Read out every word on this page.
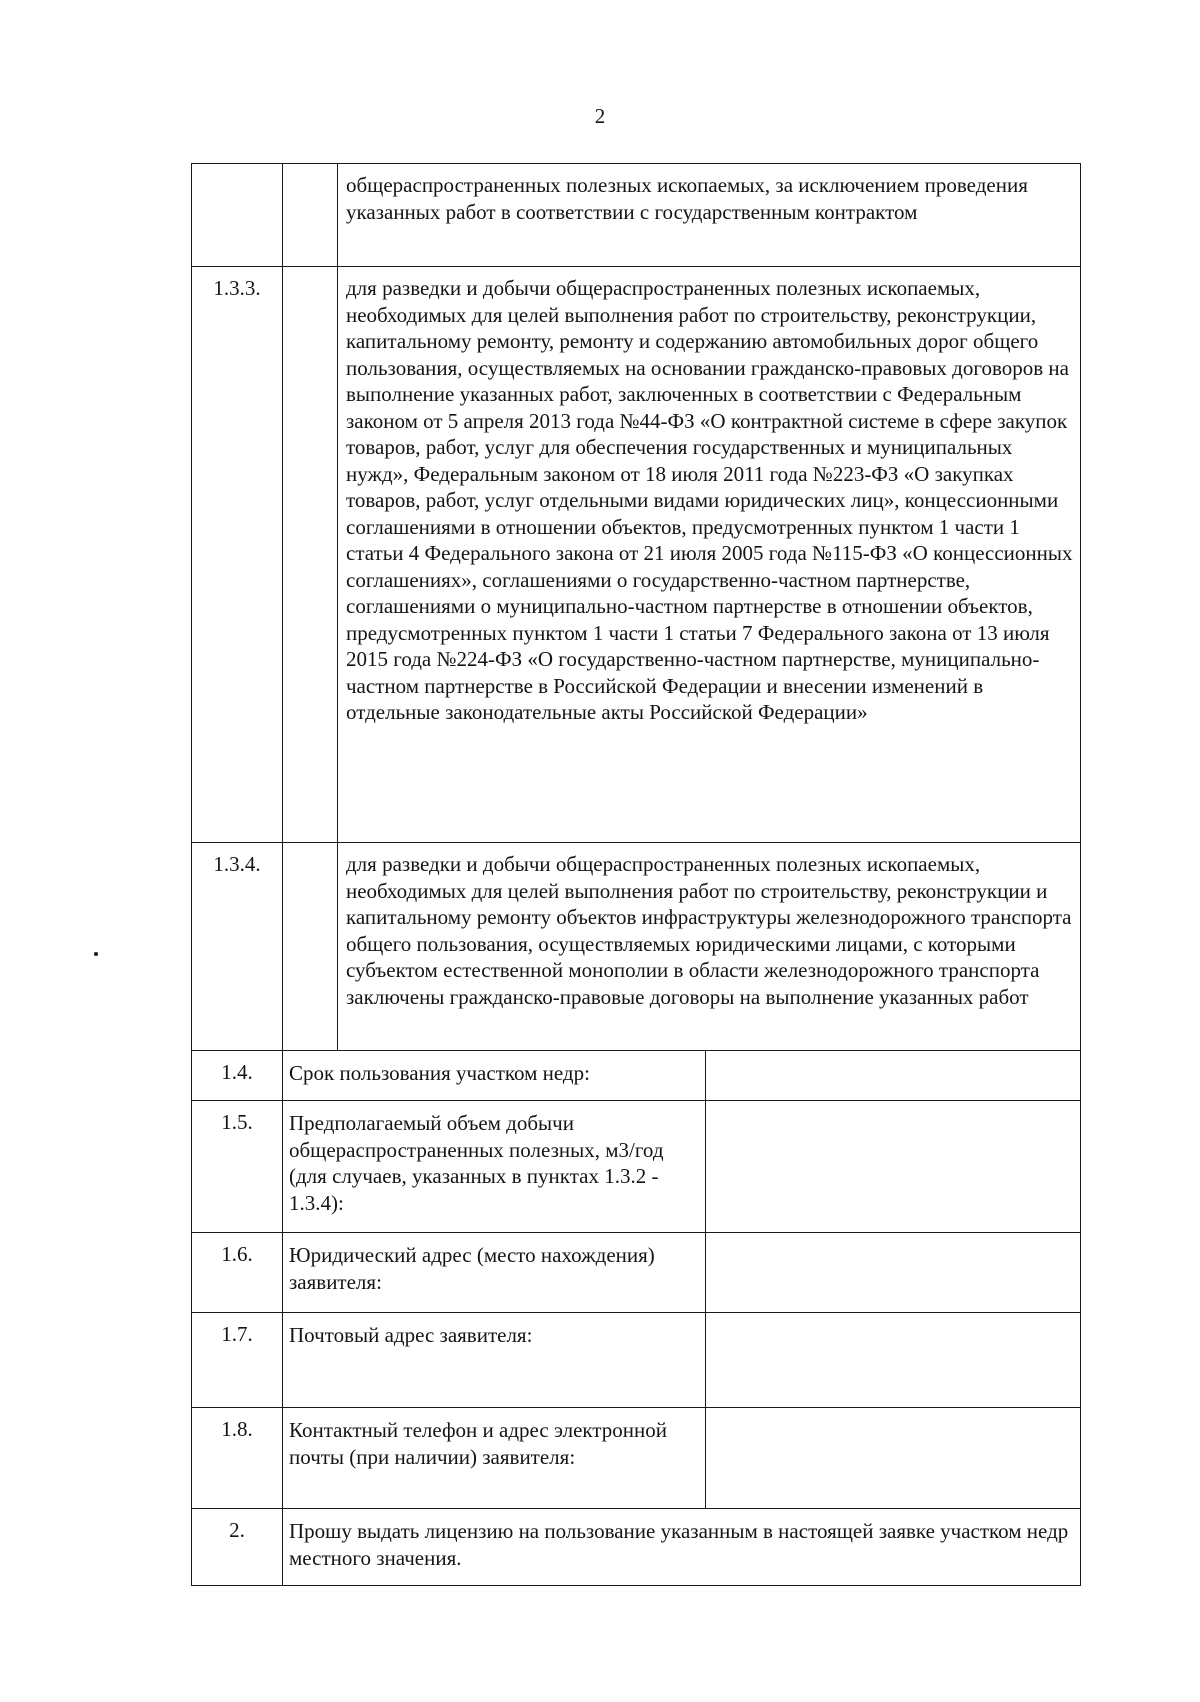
2
		общераспространенных полезных ископаемых, за исключением проведения указанных работ в соответствии с государственным контрактом	
1.3.3.		для разведки и добычи общераспространенных полезных ископаемых, необходимых для целей выполнения работ по строительству, реконструкции, капитальному ремонту, ремонту и содержанию автомобильных дорог общего пользования, осуществляемых на основании гражданско-правовых договоров на выполнение указанных работ, заключенных в соответствии с Федеральным законом от 5 апреля 2013 года №44-ФЗ «О контрактной системе в сфере закупок товаров, работ, услуг для обеспечения государственных и муниципальных нужд», Федеральным законом от 18 июля 2011 года №223-ФЗ «О закупках товаров, работ, услуг отдельными видами юридических лиц», концессионными соглашениями в отношении объектов, предусмотренных пунктом 1 части 1 статьи 4 Федерального закона от 21 июля 2005 года №115-ФЗ «О концессионных соглашениях», соглашениями о государственно-частном партнерстве, соглашениями о муниципально-частном партнерстве в отношении объектов, предусмотренных пунктом 1 части 1 статьи 7 Федерального закона от 13 июля 2015 года №224-ФЗ «О государственно-частном партнерстве, муниципально-частном партнерстве в Российской Федерации и внесении изменений в отдельные законодательные акты Российской Федерации»	
1.3.4.		для разведки и добычи общераспространенных полезных ископаемых, необходимых для целей выполнения работ по строительству, реконструкции и капитальному ремонту объектов инфраструктуры железнодорожного транспорта общего пользования, осуществляемых юридическими лицами, с которыми субъектом естественной монополии в области железнодорожного транспорта заключены гражданско-правовые договоры на выполнение указанных работ	
1.4.	Срок пользования участком недр:		
1.5.	Предполагаемый объем добычи общераспространенных полезных, м3/год (для случаев, указанных в пунктах 1.3.2 - 1.3.4):		
1.6.	Юридический адрес (место нахождения) заявителя:		
1.7.	Почтовый адрес заявителя:		
1.8.	Контактный телефон и адрес электронной почты (при наличии) заявителя:		
2.	Прошу выдать лицензию на пользование указанным в настоящей заявке участком недр местного значения.		
